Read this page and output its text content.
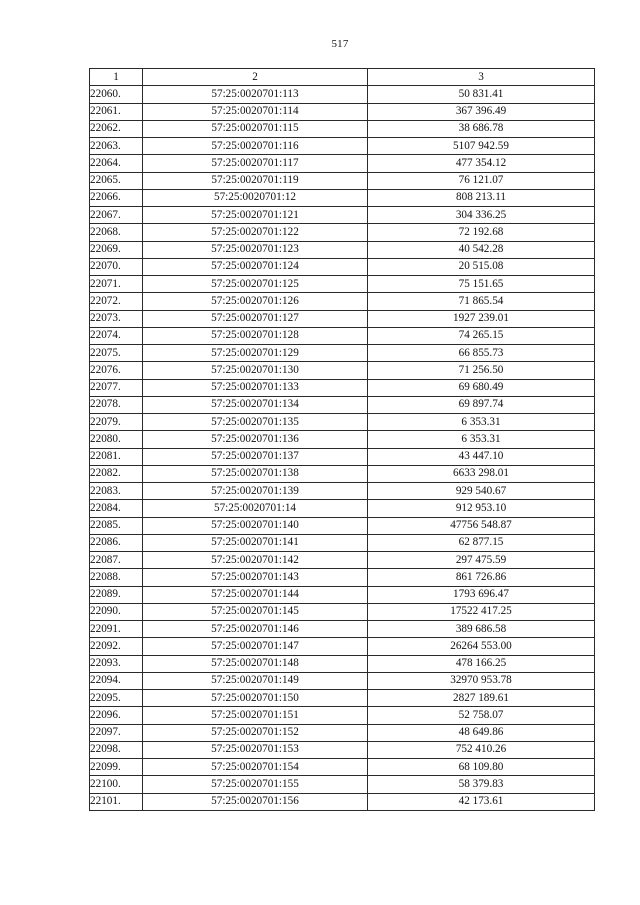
517
1	2	3
22060.	57:25:0020701:113	50 831.41
22061.	57:25:0020701:114	367 396.49
22062.	57:25:0020701:115	38 686.78
22063.	57:25:0020701:116	5107 942.59
22064.	57:25:0020701:117	477 354.12
22065.	57:25:0020701:119	76 121.07
22066.	57:25:0020701:12	808 213.11
22067.	57:25:0020701:121	304 336.25
22068.	57:25:0020701:122	72 192.68
22069.	57:25:0020701:123	40 542.28
22070.	57:25:0020701:124	20 515.08
22071.	57:25:0020701:125	75 151.65
22072.	57:25:0020701:126	71 865.54
22073.	57:25:0020701:127	1927 239.01
22074.	57:25:0020701:128	74 265.15
22075.	57:25:0020701:129	66 855.73
22076.	57:25:0020701:130	71 256.50
22077.	57:25:0020701:133	69 680.49
22078.	57:25:0020701:134	69 897.74
22079.	57:25:0020701:135	6 353.31
22080.	57:25:0020701:136	6 353.31
22081.	57:25:0020701:137	43 447.10
22082.	57:25:0020701:138	6633 298.01
22083.	57:25:0020701:139	929 540.67
22084.	57:25:0020701:14	912 953.10
22085.	57:25:0020701:140	47756 548.87
22086.	57:25:0020701:141	62 877.15
22087.	57:25:0020701:142	297 475.59
22088.	57:25:0020701:143	861 726.86
22089.	57:25:0020701:144	1793 696.47
22090.	57:25:0020701:145	17522 417.25
22091.	57:25:0020701:146	389 686.58
22092.	57:25:0020701:147	26264 553.00
22093.	57:25:0020701:148	478 166.25
22094.	57:25:0020701:149	32970 953.78
22095.	57:25:0020701:150	2827 189.61
22096.	57:25:0020701:151	52 758.07
22097.	57:25:0020701:152	48 649.86
22098.	57:25:0020701:153	752 410.26
22099.	57:25:0020701:154	68 109.80
22100.	57:25:0020701:155	58 379.83
22101.	57:25:0020701:156	42 173.61
